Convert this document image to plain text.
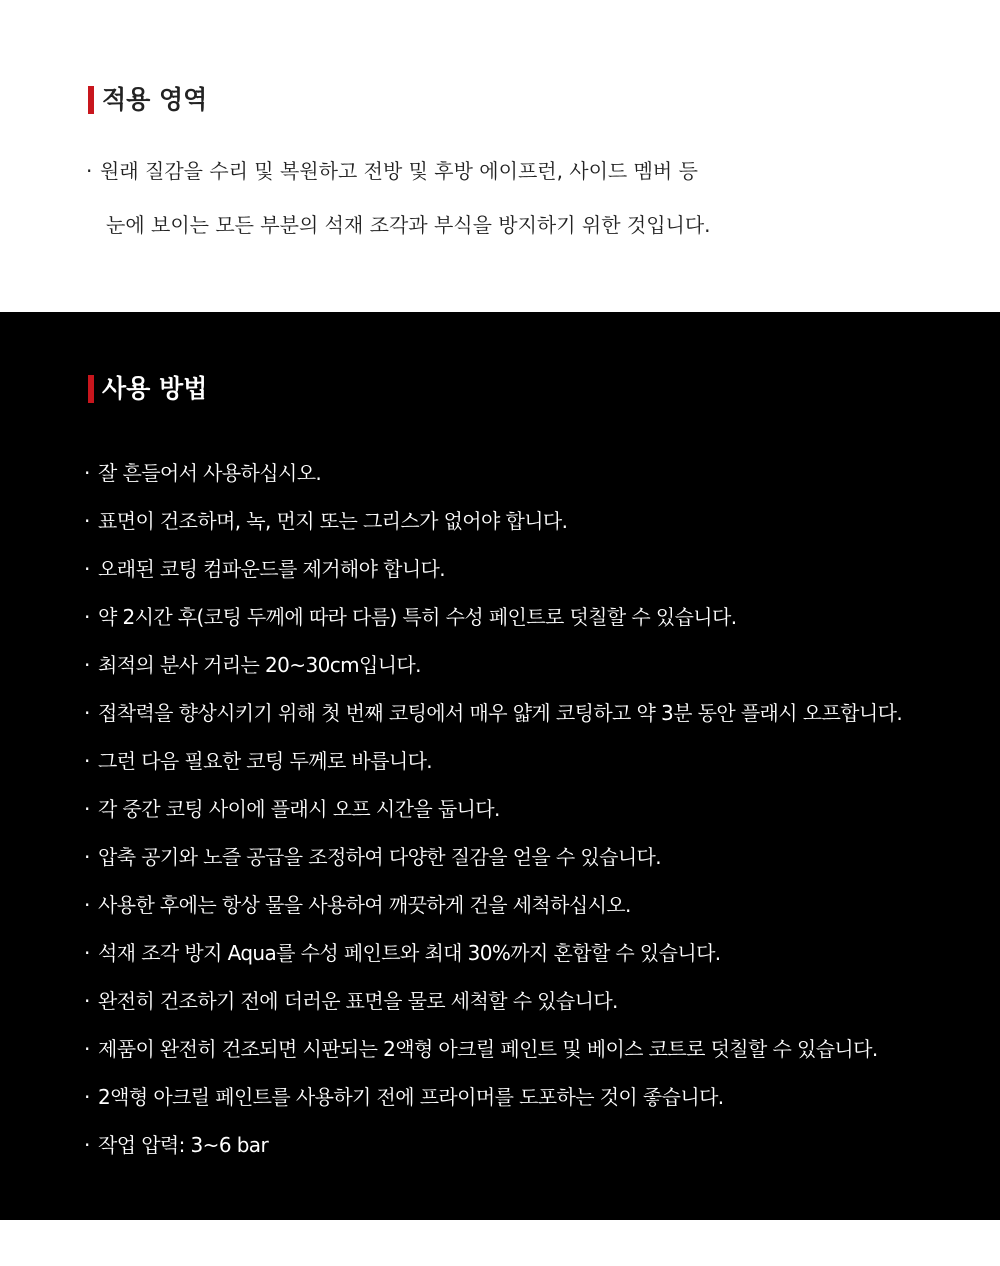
적용 영역
· 원래 질감을 수리 및 복원하고 전방 및 후방 에이프런, 사이드 멤버 등
눈에 보이는 모든 부분의 석재 조각과 부식을 방지하기 위한 것입니다.
사용 방법
· 잘 흔들어서 사용하십시오.
· 표면이 건조하며, 녹, 먼지 또는 그리스가 없어야 합니다.
· 오래된 코팅 컴파운드를 제거해야 합니다.
· 약 2시간 후(코팅 두께에 따라 다름) 특히 수성 페인트로 덧칠할 수 있습니다.
· 최적의 분사 거리는 20~30cm입니다.
· 접착력을 향상시키기 위해 첫 번째 코팅에서 매우 얇게 코팅하고 약 3분 동안 플래시 오프합니다.
· 그런 다음 필요한 코팅 두께로 바릅니다.
· 각 중간 코팅 사이에 플래시 오프 시간을 둡니다.
· 압축 공기와 노즐 공급을 조정하여 다양한 질감을 얻을 수 있습니다.
· 사용한 후에는 항상 물을 사용하여 깨끗하게 건을 세척하십시오.
· 석재 조각 방지 Aqua를 수성 페인트와 최대 30%까지 혼합할 수 있습니다.
· 완전히 건조하기 전에 더러운 표면을 물로 세척할 수 있습니다.
· 제품이 완전히 건조되면 시판되는 2액형 아크릴 페인트 및 베이스 코트로 덧칠할 수 있습니다.
· 2액형 아크릴 페인트를 사용하기 전에 프라이머를 도포하는 것이 좋습니다.
· 작업 압력: 3~6 bar
